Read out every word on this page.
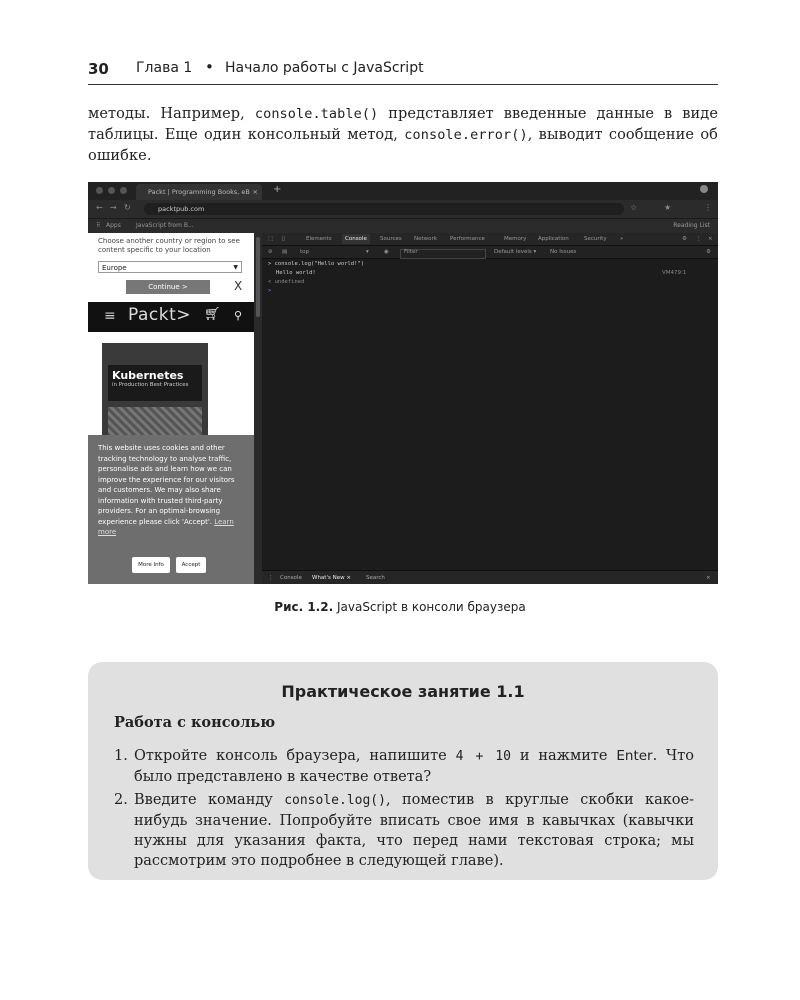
30 Глава 1 • Начало работы с JavaScript

методы. Например, console.table() представляет введенные данные в виде таблицы. Еще один консольный метод, console.error(), выводит сообщение об ошибке.

Packt | Programming Books, eB × +
← → ↻	packtpub.com	☆	★	⋮
⠿ Apps	JavaScript from B...	Reading List
Choose another country or region to see content specific to your location
Europe	▼
Continue >	X
≡ Packt> 🛒︎ ⚲
Kubernetes
in Production Best Practices
This website uses cookies and other tracking technology to analyse traffic, personalise ads and learn how we can improve the experience for our visitors and customers. We may also share information with trusted third-party providers. For an optimal-browsing experience please click 'Accept'. Learn more
More Info	Accept
⬚ ▯	Elements	Console	Sources Network Performance	Memory Application	Security »	⚙ ⋮ ×
⊘ ▤ top	▾	◉	Filter	Default levels ▾ No Issues	⚙
> console.log("Hello world!")
Hello world!	VM479:1
< undefined
>
⋮ Console What's New ×	Search	×
Рис. 1.2. JavaScript в консоли браузера
Практическое занятие 1.1
Работа с консолью
1. Откройте консоль браузера, напишите 4 + 10 и нажмите Enter. Что было представлено в качестве ответа?
2. Введите команду console.log(), поместив в круглые скобки какое-нибудь значение. Попробуйте вписать свое имя в кавычках (кавычки нужны для указания факта, что перед нами текстовая строка; мы рассмотрим это подробнее в следующей главе).
